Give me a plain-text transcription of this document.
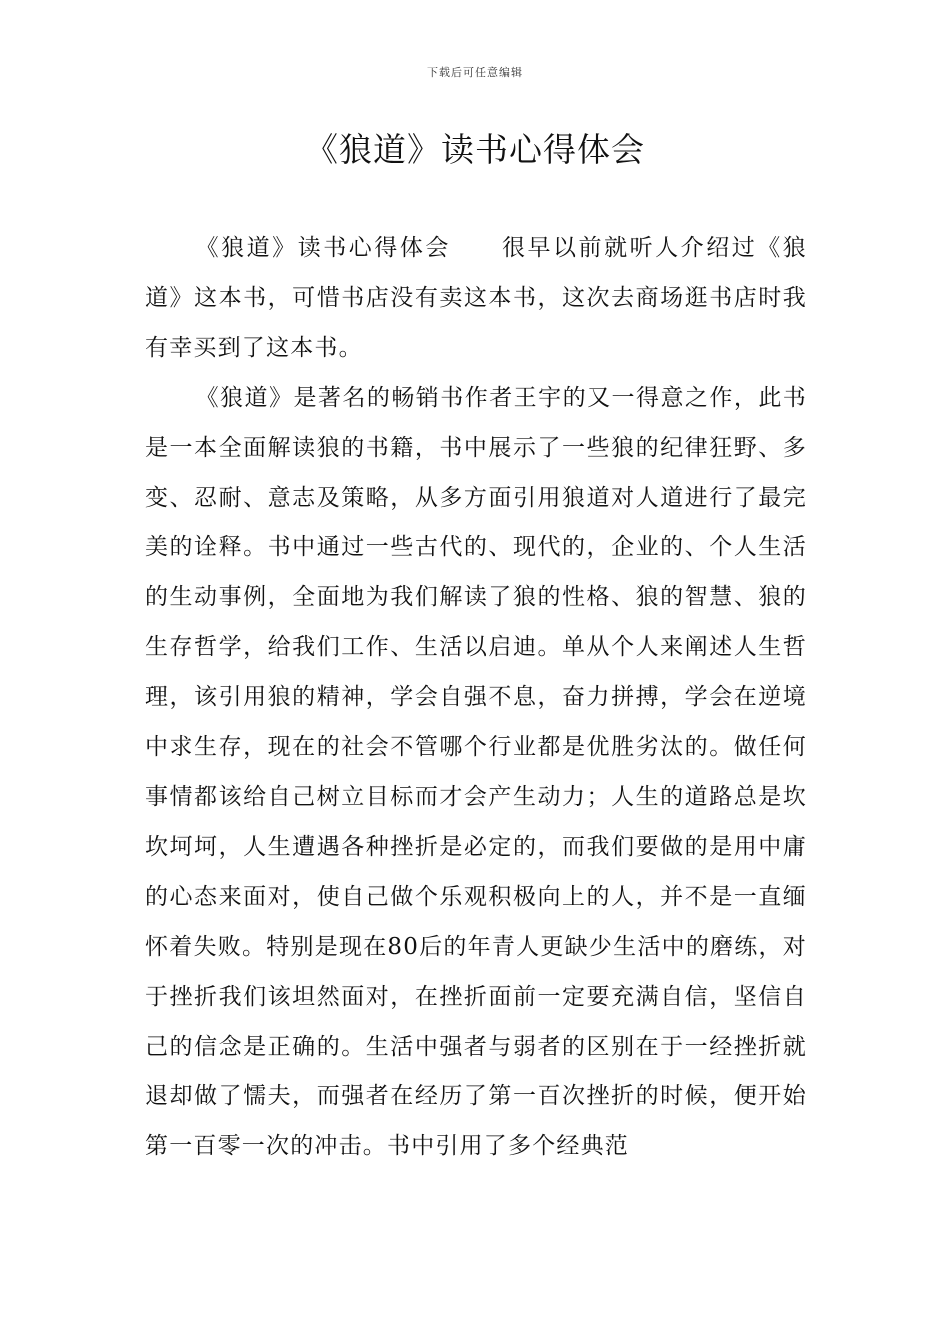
下载后可任意编辑
《狼道》读书心得体会

《狼道》读书心得体会　　很早以前就听人介绍过《狼道》这本书，可惜书店没有卖这本书，这次去商场逛书店时我有幸买到了这本书。

《狼道》是著名的畅销书作者王宇的又一得意之作，此书是一本全面解读狼的书籍，书中展示了一些狼的纪律狂野、多变、忍耐、意志及策略，从多方面引用狼道对人道进行了最完美的诠释。书中通过一些古代的、现代的，企业的、个人生活的生动事例，全面地为我们解读了狼的性格、狼的智慧、狼的生存哲学，给我们工作、生活以启迪。单从个人来阐述人生哲理，该引用狼的精神，学会自强不息，奋力拼搏，学会在逆境中求生存，现在的社会不管哪个行业都是优胜劣汰的。做任何事情都该给自己树立目标而才会产生动力；人生的道路总是坎坎坷坷，人生遭遇各种挫折是必定的，而我们要做的是用中庸的心态来面对，使自己做个乐观积极向上的人，并不是一直缅怀着失败。特别是现在80后的年青人更缺少生活中的磨练，对于挫折我们该坦然面对，在挫折面前一定要充满自信，坚信自己的信念是正确的。生活中强者与弱者的区别在于一经挫折就退却做了懦夫，而强者在经历了第一百次挫折的时候，便开始第一百零一次的冲击。书中引用了多个经典范
